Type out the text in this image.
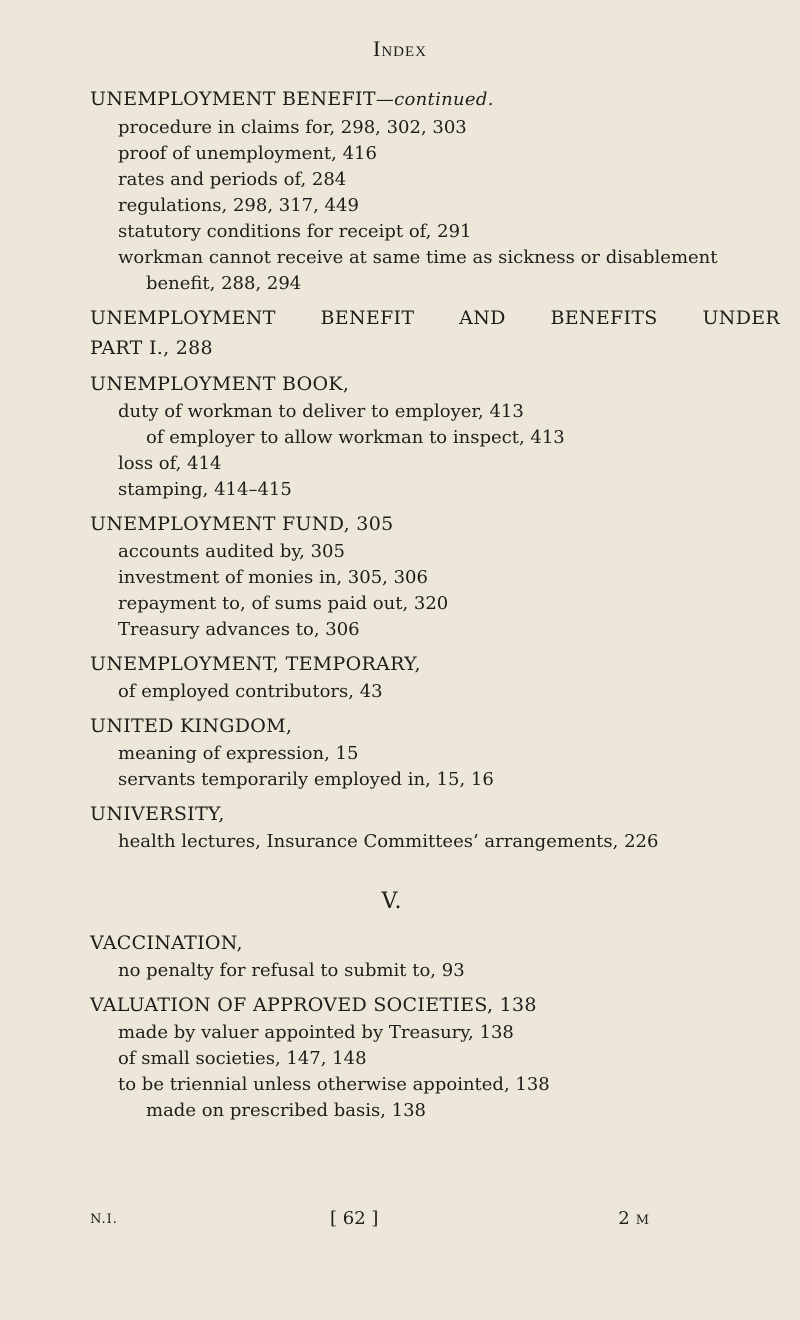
Index
UNEMPLOYMENT BENEFIT—continued.
procedure in claims for, 298, 302, 303
proof of unemployment, 416
rates and periods of, 284
regulations, 298, 317, 449
statutory conditions for receipt of, 291
workman cannot receive at same time as sickness or disablement
benefit, 288, 294
UNEMPLOYMENT BENEFIT AND BENEFITS UNDER
PART I., 288
UNEMPLOYMENT BOOK,
duty of workman to deliver to employer, 413
of employer to allow workman to inspect, 413
loss of, 414
stamping, 414–415
UNEMPLOYMENT FUND, 305
accounts audited by, 305
investment of monies in, 305, 306
repayment to, of sums paid out, 320
Treasury advances to, 306
UNEMPLOYMENT, TEMPORARY,
of employed contributors, 43
UNITED KINGDOM,
meaning of expression, 15
servants temporarily employed in, 15, 16
UNIVERSITY,
health lectures, Insurance Committees’ arrangements, 226
V.
VACCINATION,
no penalty for refusal to submit to, 93
VALUATION OF APPROVED SOCIETIES, 138
made by valuer appointed by Treasury, 138
of small societies, 147, 148
to be triennial unless otherwise appointed, 138
made on prescribed basis, 138
N.I.	[ 62 ]	2 M
